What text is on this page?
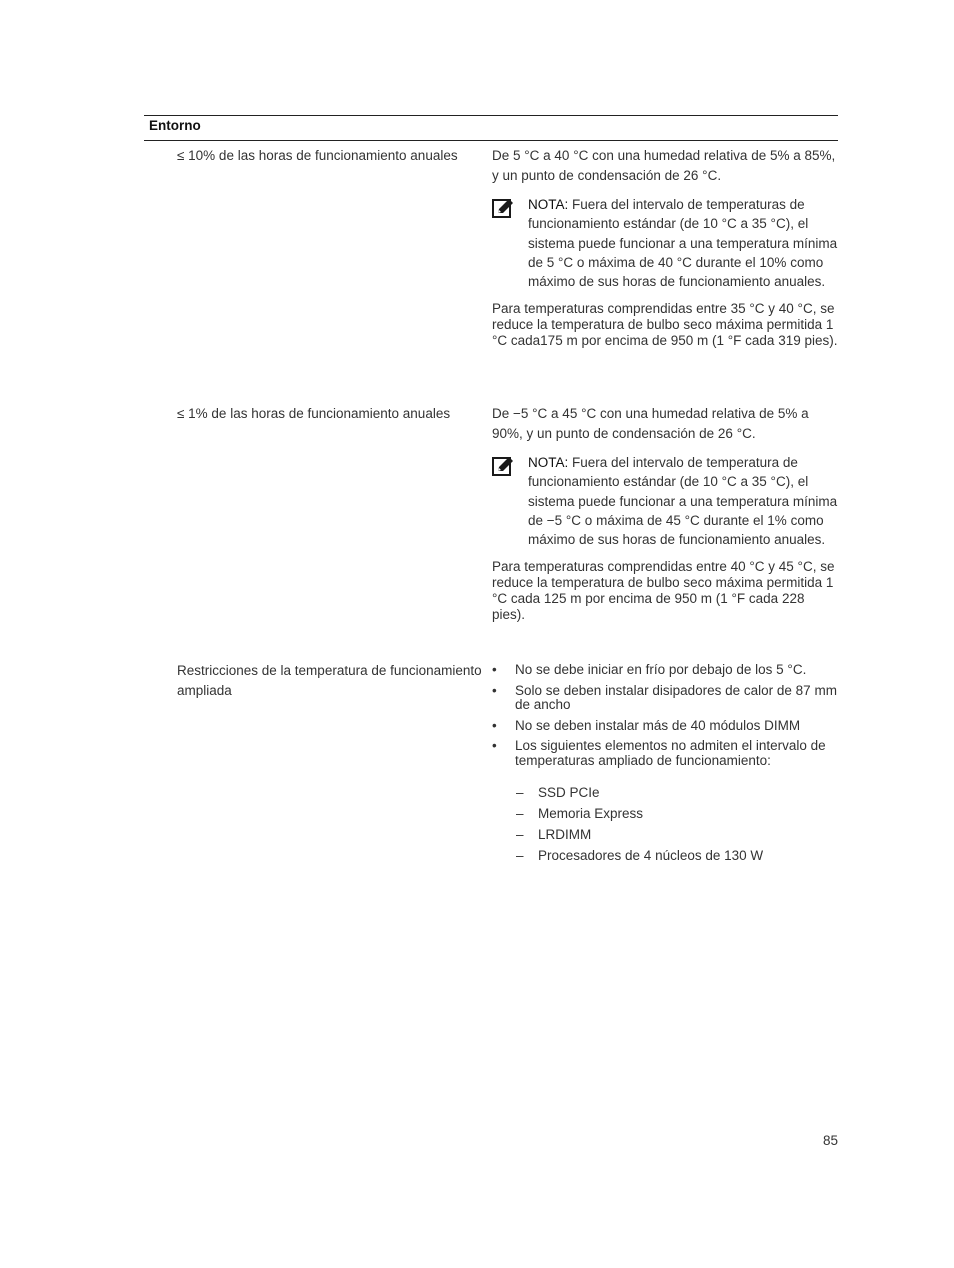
Entorno
≤ 10% de las horas de funcionamiento anuales	De 5 °C a 40 °C con una humedad relativa de 5% a 85%, y un punto de condensación de 26 °C.

NOTA: Fuera del intervalo de temperaturas de funcionamiento estándar (de 10 °C a 35 °C), el sistema puede funcionar a una temperatura mínima de 5 °C o máxima de 40 °C durante el 10% como máximo de sus horas de funcionamiento anuales.

Para temperaturas comprendidas entre 35 °C y 40 °C, se reduce la temperatura de bulbo seco máxima permitida 1 °C cada175 m por encima de 950 m (1 °F cada 319 pies).

≤ 1% de las horas de funcionamiento anuales	De −5 °C a 45 °C con una humedad relativa de 5% a 90%, y un punto de condensación de 26 °C.

NOTA: Fuera del intervalo de temperatura de funcionamiento estándar (de 10 °C a 35 °C), el sistema puede funcionar a una temperatura mínima de −5 °C o máxima de 45 °C durante el 1% como máximo de sus horas de funcionamiento anuales.

Para temperaturas comprendidas entre 40 °C y 45 °C, se reduce la temperatura de bulbo seco máxima permitida 1 °C cada 125 m por encima de 950 m (1 °F cada 228 pies).

Restricciones de la temperatura de funcionamiento ampliada
• No se debe iniciar en frío por debajo de los 5 °C.
• Solo se deben instalar disipadores de calor de 87 mm de ancho
• No se deben instalar más de 40 módulos DIMM
• Los siguientes elementos no admiten el intervalo de temperaturas ampliado de funcionamiento:
– SSD PCIe
– Memoria Express
– LRDIMM
– Procesadores de 4 núcleos de 130 W
85
